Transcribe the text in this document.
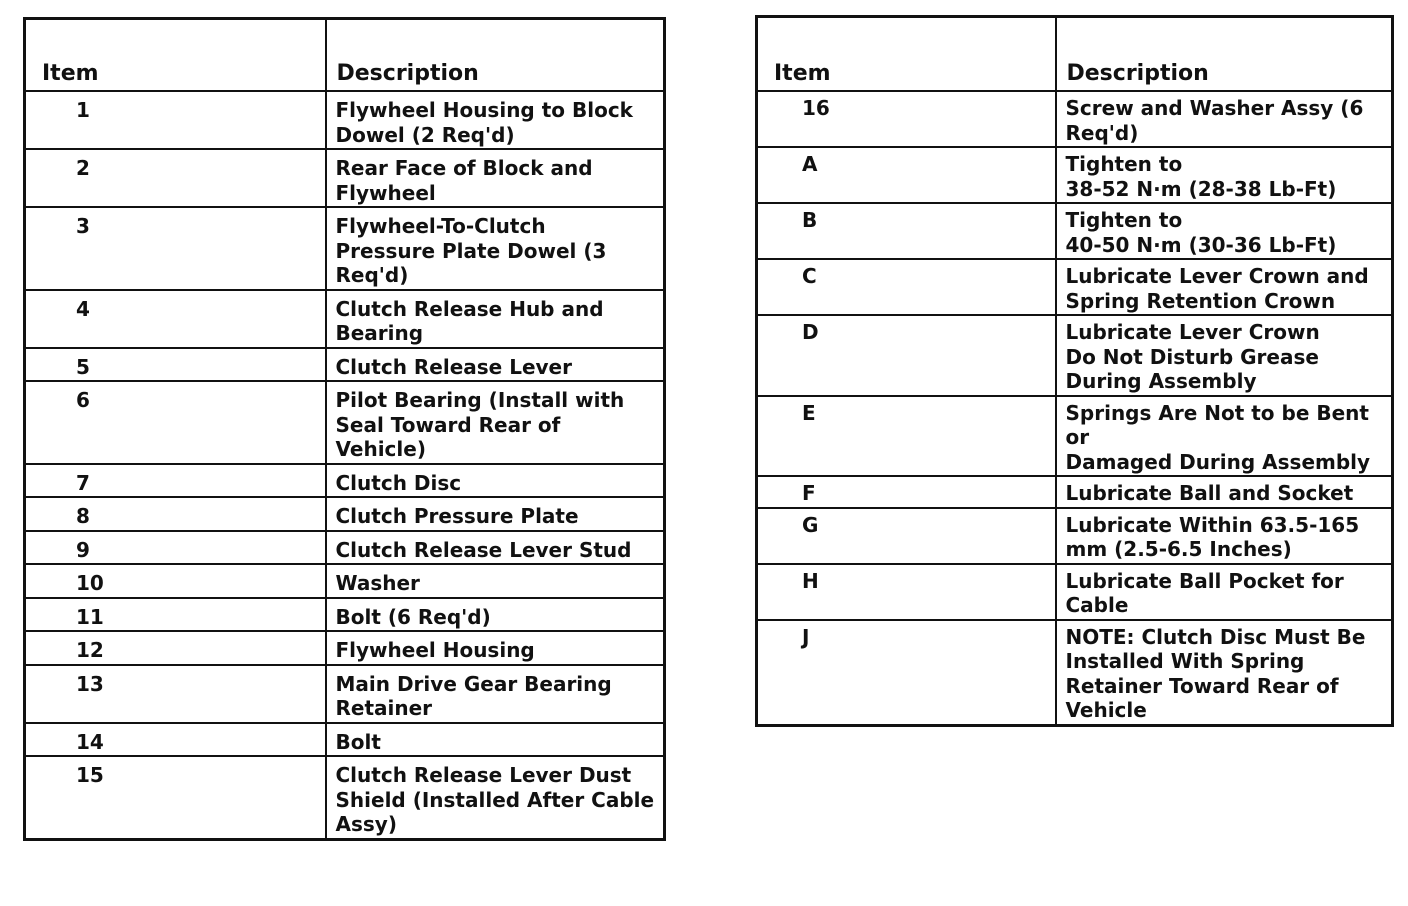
Item	Description
1	Flywheel Housing to Block
Dowel (2 Req'd)
2	Rear Face of Block and
Flywheel
3	Flywheel-To-Clutch
Pressure Plate Dowel (3
Req'd)
4	Clutch Release Hub and
Bearing
5	Clutch Release Lever
6	Pilot Bearing (Install with
Seal Toward Rear of
Vehicle)
7	Clutch Disc
8	Clutch Pressure Plate
9	Clutch Release Lever Stud
10	Washer
11	Bolt (6 Req'd)
12	Flywheel Housing
13	Main Drive Gear Bearing
Retainer
14	Bolt
15	Clutch Release Lever Dust
Shield (Installed After Cable
Assy)
Item	Description
16	Screw and Washer Assy (6
Req'd)
A	Tighten to
38-52 N·m (28-38 Lb-Ft)
B	Tighten to
40-50 N·m (30-36 Lb-Ft)
C	Lubricate Lever Crown and
Spring Retention Crown
D	Lubricate Lever Crown
Do Not Disturb Grease
During Assembly
E	Springs Are Not to be Bent or
Damaged During Assembly
F	Lubricate Ball and Socket
G	Lubricate Within 63.5-165
mm (2.5-6.5 Inches)
H	Lubricate Ball Pocket for
Cable
J	NOTE: Clutch Disc Must Be
Installed With Spring
Retainer Toward Rear of
Vehicle
